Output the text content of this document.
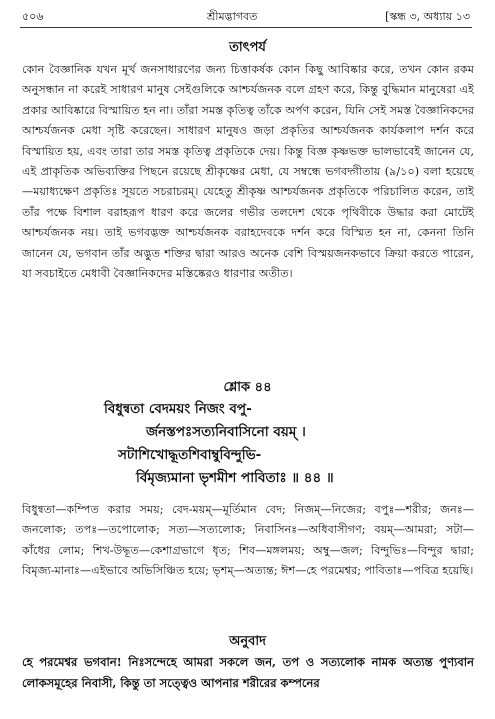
৫০৬	শ্রীমদ্ভাগবত	[স্কন্ধ ৩, অধ্যায় ১৩
তাৎপর্য

কোন বৈজ্ঞানিক যখন মূর্খ জনসাধারণের জন্য চিত্তাকর্ষক কোন কিছু আবিষ্কার করে, তখন কোন রকম অনুসন্ধান না করেই সাধারণ মানুষ সেইগুলিকে আশ্চর্যজনক বলে গ্রহণ করে, কিন্তু বুদ্ধিমান মানুষেরা এই প্রকার আবিষ্কারে বিস্মায়িত হন না। তাঁরা সমস্ত কৃতিত্ব তাঁকে অর্পণ করেন, যিনি সেই সমস্ত বৈজ্ঞানিকদের আশ্চর্যজনক মেধা সৃষ্টি করেছেন। সাধারণ মানুষও জড়া প্রকৃতির আশ্চর্যজনক কার্যকলাপ দর্শন করে বিস্মায়িত হয়, এবং তারা তার সমস্ত কৃতিত্ব প্রকৃতিকে দেয়। কিন্তু বিজ্ঞ কৃষ্ণভক্ত ভালভাবেই জানেন যে, এই প্রাকৃতিক অভিব্যক্তির পিছনে রয়েছে শ্রীকৃষ্ণের মেধা, যে সম্বন্ধে ভগবদ্গীতায় (৯/১০) বলা হয়েছে—ময়াধ্যক্ষেণ প্রকৃতিঃ সূয়তে সচরাচরম্। যেহেতু শ্রীকৃষ্ণ আশ্চর্যজনক প্রকৃতিকে পরিচালিত করেন, তাই তাঁর পক্ষে বিশাল বরাহরূপ ধারণ করে জলের গভীর তলদেশ থেকে পৃথিবীকে উদ্ধার করা মোটেই আশ্চর্যজনক নয়। তাই ভগবদ্ভক্ত আশ্চর্যজনক বরাহদেবকে দর্শন করে বিস্মিত হন না, কেননা তিনি জানেন যে, ভগবান তাঁর অদ্ভুত শক্তির দ্বারা আরও অনেক বেশি বিস্ময়জনকভাবে ক্রিয়া করতে পারেন, যা সবচাইতে মেধাবী বৈজ্ঞানিকদের মস্তিষ্কেরও ধারণার অতীত।

শ্লোক ৪৪
বিধুন্বতা বেদময়ং নিজং বপু-
র্জনস্তপঃসত্যনিবাসিনো বয়ম্ ।
সটাশিখোদ্ধূতশিবাম্বুবিন্দুভি-
র্বিমৃজ্যমানা ভৃশমীশ পাবিতাঃ ॥ ৪৪ ॥

বিধুন্বতা—কম্পিত করার সময়; বেদ-ময়ম্—মূর্তিমান বেদ; নিজম্—নিজের; বপুঃ—শরীর; জনঃ—জনলোক; তপঃ—তপোলোক; সত্য—সত্যলোক; নিবাসিনঃ—অধিবাসীগণ; বয়ম্—আমরা; সটা—কাঁধের লোম; শিখ-উদ্ধূত—কেশাগ্রভাগে ধৃত; শিব—মঙ্গলময়; অম্বু—জল; বিন্দুভিঃ—বিন্দুর দ্বারা; বিমৃজ্য-মানাঃ—এইভাবে অভিসিঞ্চিত হয়ে; ভৃশম্—অত্যন্ত; ঈশ—হে পরমেশ্বর; পাবিতাঃ—পবিত্র হয়েছি।

অনুবাদ

হে পরমেশ্বর ভগবান! নিঃসন্দেহে আমরা সকলে জন, তপ ও সত্যলোক নামক অত্যন্ত পুণ্যবান লোকসমূহের নিবাসী, কিন্তু তা সত্ত্বেও আপনার শরীরের কম্পনের
